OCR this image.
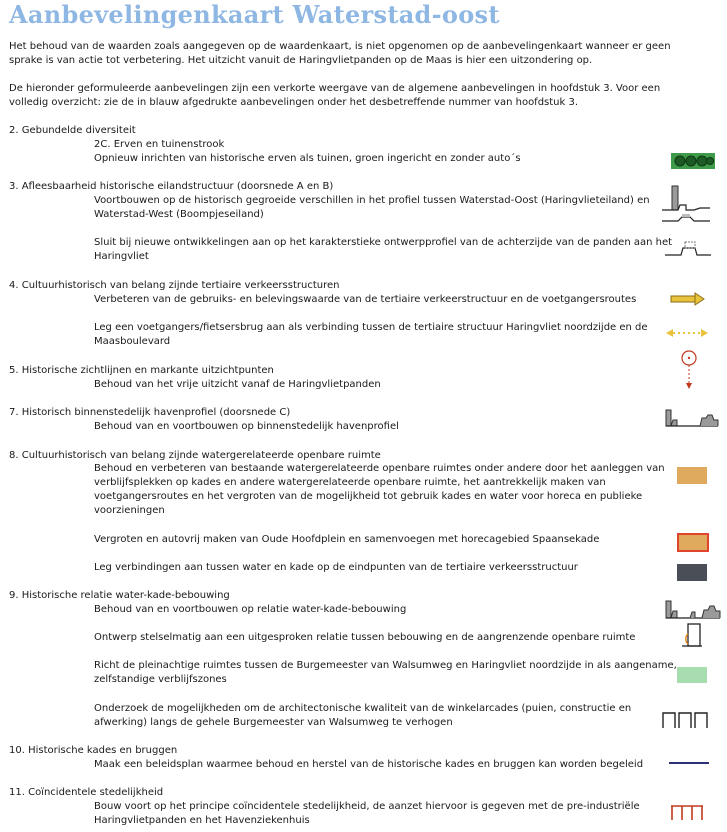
Aanbevelingenkaart Waterstad-oost
Het behoud van de waarden zoals aangegeven op de waardenkaart, is niet opgenomen op de aanbevelingenkaart wanneer er geen
sprake is van actie tot verbetering. Het uitzicht vanuit de Haringvlietpanden op de Maas is hier een uitzondering op.
De hieronder geformuleerde aanbevelingen zijn een verkorte weergave van de algemene aanbevelingen in hoofdstuk 3. Voor een
volledig overzicht: zie de in blauw afgedrukte aanbevelingen onder het desbetreffende nummer van hoofdstuk 3.
2. Gebundelde diversiteit
2C. Erven en tuinenstrook
Opnieuw inrichten van historische erven als tuinen, groen ingericht en zonder auto´s
3. Afleesbaarheid historische eilandstructuur (doorsnede A en B)
Voortbouwen op de historisch gegroeide verschillen in het profiel tussen Waterstad-Oost (Haringvlieteiland) en
Waterstad-West (Boompjeseiland)
Sluit bij nieuwe ontwikkelingen aan op het karakterstieke ontwerpprofiel van de achterzijde van de panden aan het
Haringvliet
4. Cultuurhistorisch van belang zijnde tertiaire verkeersstructuren
Verbeteren van de gebruiks- en belevingswaarde van de tertiaire verkeerstructuur en de voetgangersroutes
Leg een voetgangers/fietsersbrug aan als verbinding tussen de tertiaire structuur Haringvliet noordzijde en de
Maasboulevard
5. Historische zichtlijnen en markante uitzichtpunten
Behoud van het vrije uitzicht vanaf de Haringvlietpanden
7. Historisch binnenstedelijk havenprofiel (doorsnede C)
Behoud van en voortbouwen op binnenstedelijk havenprofiel
8. Cultuurhistorisch van belang zijnde watergerelateerde openbare ruimte
Behoud en verbeteren van bestaande watergerelateerde openbare ruimtes onder andere door het aanleggen van
verblijfsplekken op kades en andere watergerelateerde openbare ruimte, het aantrekkelijk maken van
voetgangersroutes en het vergroten van de mogelijkheid tot gebruik kades en water voor horeca en publieke
voorzieningen
Vergroten en autovrij maken van Oude Hoofdplein en samenvoegen met horecagebied Spaansekade
Leg verbindingen aan tussen water en kade op de eindpunten van de tertiaire verkeersstructuur
9. Historische relatie water-kade-bebouwing
Behoud van en voortbouwen op relatie water-kade-bebouwing
Ontwerp stelselmatig aan een uitgesproken relatie tussen bebouwing en de aangrenzende openbare ruimte
Richt de pleinachtige ruimtes tussen de Burgemeester van Walsumweg en Haringvliet noordzijde in als aangename,
zelfstandige verblijfszones
Onderzoek de mogelijkheden om de architectonische kwaliteit van de winkelarcades (puien, constructie en
afwerking) langs de gehele Burgemeester van Walsumweg te verhogen
10. Historische kades en bruggen
Maak een beleidsplan waarmee behoud en herstel van de historische kades en bruggen kan worden begeleid
11. Coïncidentele stedelijkheid
Bouw voort op het principe coïncidentele stedelijkheid, de aanzet hiervoor is gegeven met de pre-industriële
Haringvlietpanden en het Havenziekenhuis
